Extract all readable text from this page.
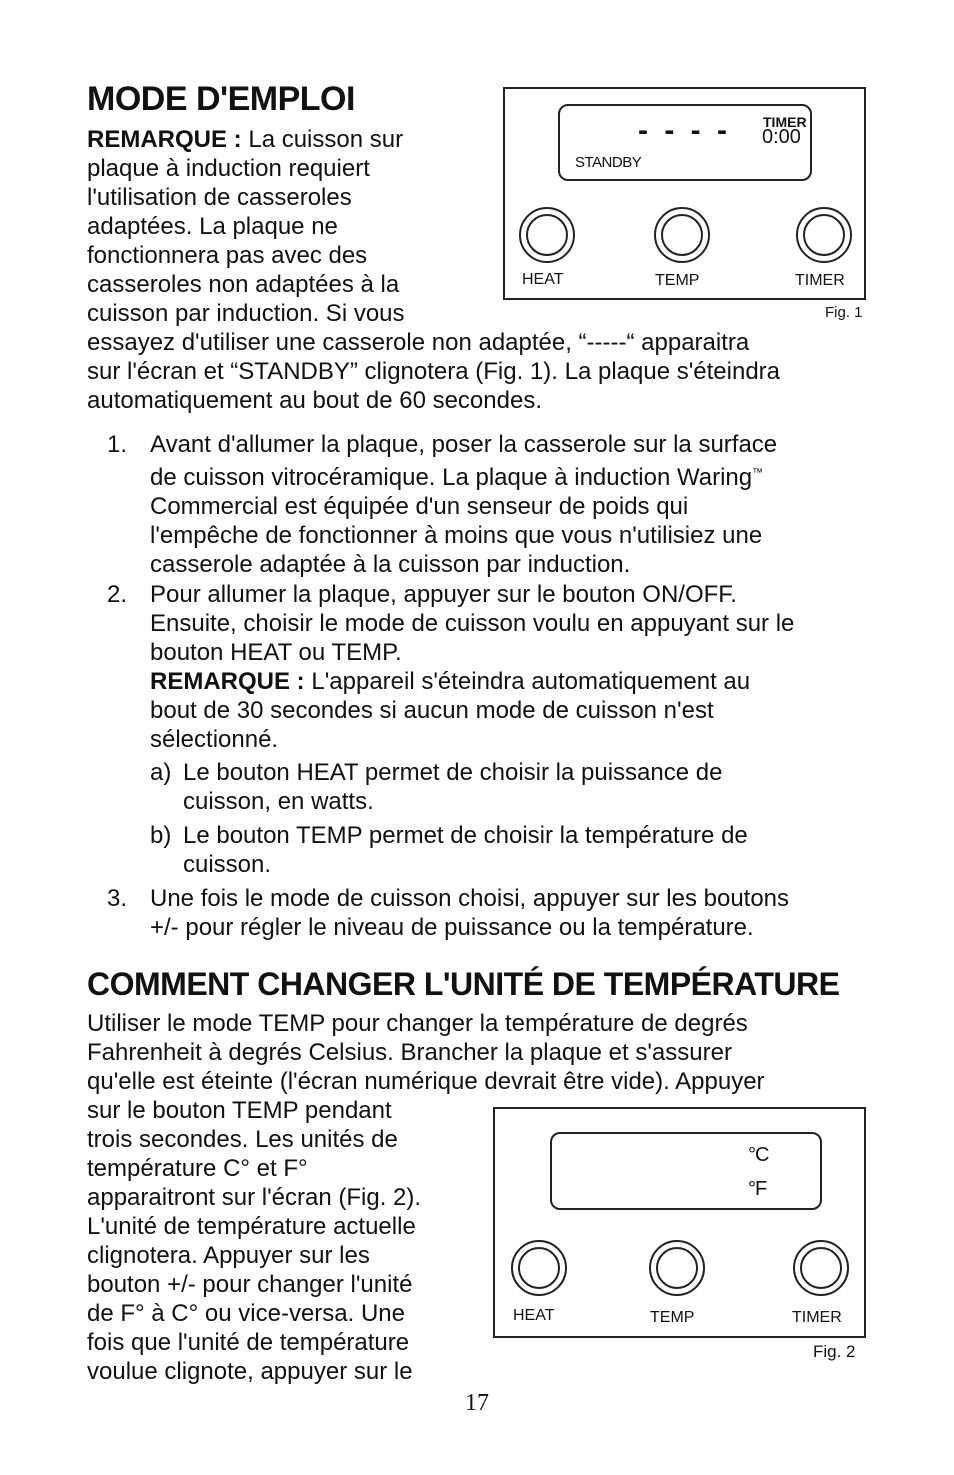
MODE D'EMPLOI
REMARQUE : La cuisson sur
plaque à induction requiert
l'utilisation de casseroles
adaptées. La plaque ne
fonctionnera pas avec des
casseroles non adaptées à la
cuisson par induction. Si vous
essayez d'utiliser une casserole non adaptée, “-----“ apparaitra
sur l'écran et “STANDBY” clignotera (Fig. 1). La plaque s'éteindra
automatiquement au bout de 60 secondes.
- - - - TIMER
0:00
STANDBY
HEAT	TEMP	TIMER
Fig. 1
1. Avant d'allumer la plaque, poser la casserole sur la surface
de cuisson vitrocéramique. La plaque à induction Waring™
Commercial est équipée d'un senseur de poids qui
l'empêche de fonctionner à moins que vous n'utilisiez une
casserole adaptée à la cuisson par induction.
2. Pour allumer la plaque, appuyer sur le bouton ON/OFF.
Ensuite, choisir le mode de cuisson voulu en appuyant sur le
bouton HEAT ou TEMP.
REMARQUE : L'appareil s'éteindra automatiquement au
bout de 30 secondes si aucun mode de cuisson n'est
sélectionné.
a) Le bouton HEAT permet de choisir la puissance de
cuisson, en watts.
b) Le bouton TEMP permet de choisir la température de
cuisson.
3. Une fois le mode de cuisson choisi, appuyer sur les boutons
+/- pour régler le niveau de puissance ou la température.
COMMENT CHANGER L'UNITÉ DE TEMPÉRATURE
Utiliser le mode TEMP pour changer la température de degrés
Fahrenheit à degrés Celsius. Brancher la plaque et s'assurer
qu'elle est éteinte (l'écran numérique devrait être vide). Appuyer
sur le bouton TEMP pendant
trois secondes. Les unités de
température C° et F°
apparaitront sur l'écran (Fig. 2).
L'unité de température actuelle
clignotera. Appuyer sur les
bouton +/- pour changer l'unité
de F° à C° ou vice-versa. Une
fois que l'unité de température
voulue clignote, appuyer sur le
°C
°F
HEAT	TEMP	TIMER
Fig. 2
17
